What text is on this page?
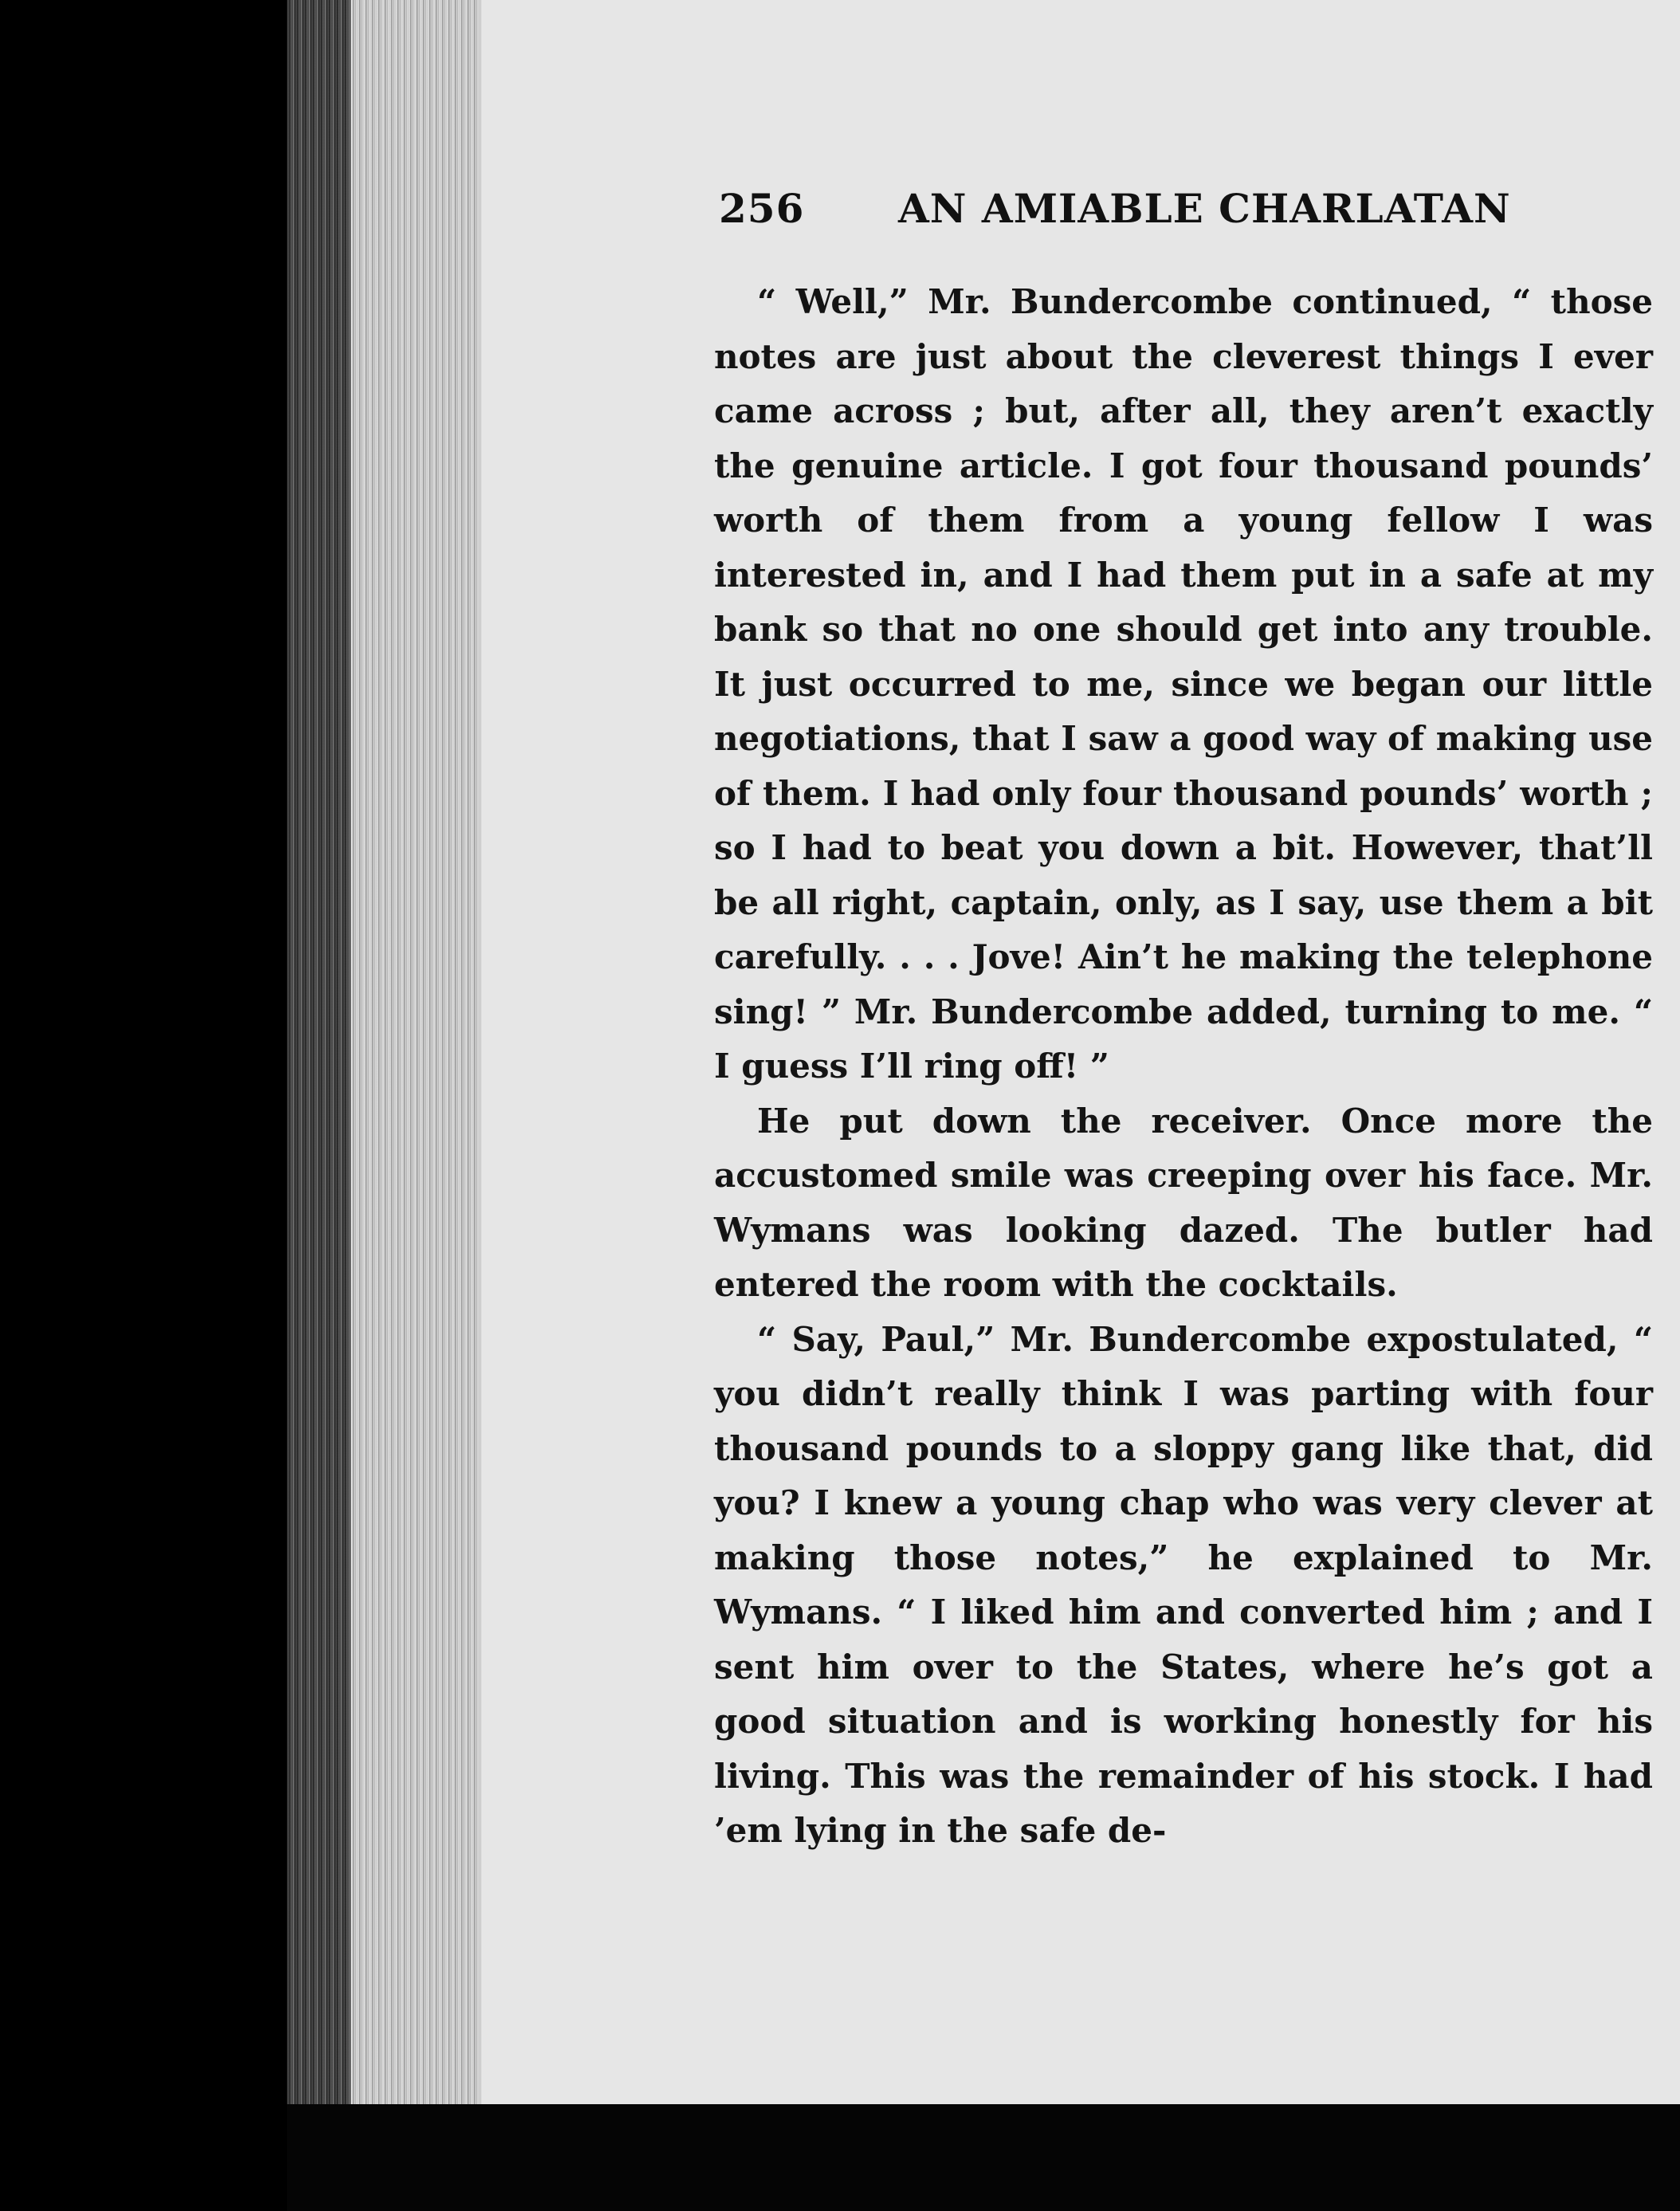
256 AN AMIABLE CHARLATAN

“ Well,” Mr. Bundercombe continued, “ those notes are just about the cleverest things I ever came across ; but, after all, they aren’t exactly the genuine article. I got four thousand pounds’ worth of them from a young fellow I was interested in, and I had them put in a safe at my bank so that no one should get into any trouble. It just occurred to me, since we began our little negotiations, that I saw a good way of making use of them. I had only four thousand pounds’ worth ; so I had to beat you down a bit. However, that’ll be all right, captain, only, as I say, use them a bit carefully. . . . Jove! Ain’t he making the telephone sing! ” Mr. Bundercombe added, turning to me. “ I guess I’ll ring off! ”

He put down the receiver. Once more the accustomed smile was creeping over his face. Mr. Wymans was looking dazed. The butler had entered the room with the cocktails.

“ Say, Paul,” Mr. Bundercombe expostulated, “ you didn’t really think I was parting with four thousand pounds to a sloppy gang like that, did you? I knew a young chap who was very clever at making those notes,” he explained to Mr. Wymans. “ I liked him and converted him ; and I sent him over to the States, where he’s got a good situation and is working honestly for his living. This was the remainder of his stock. I had ’em lying in the safe de-
